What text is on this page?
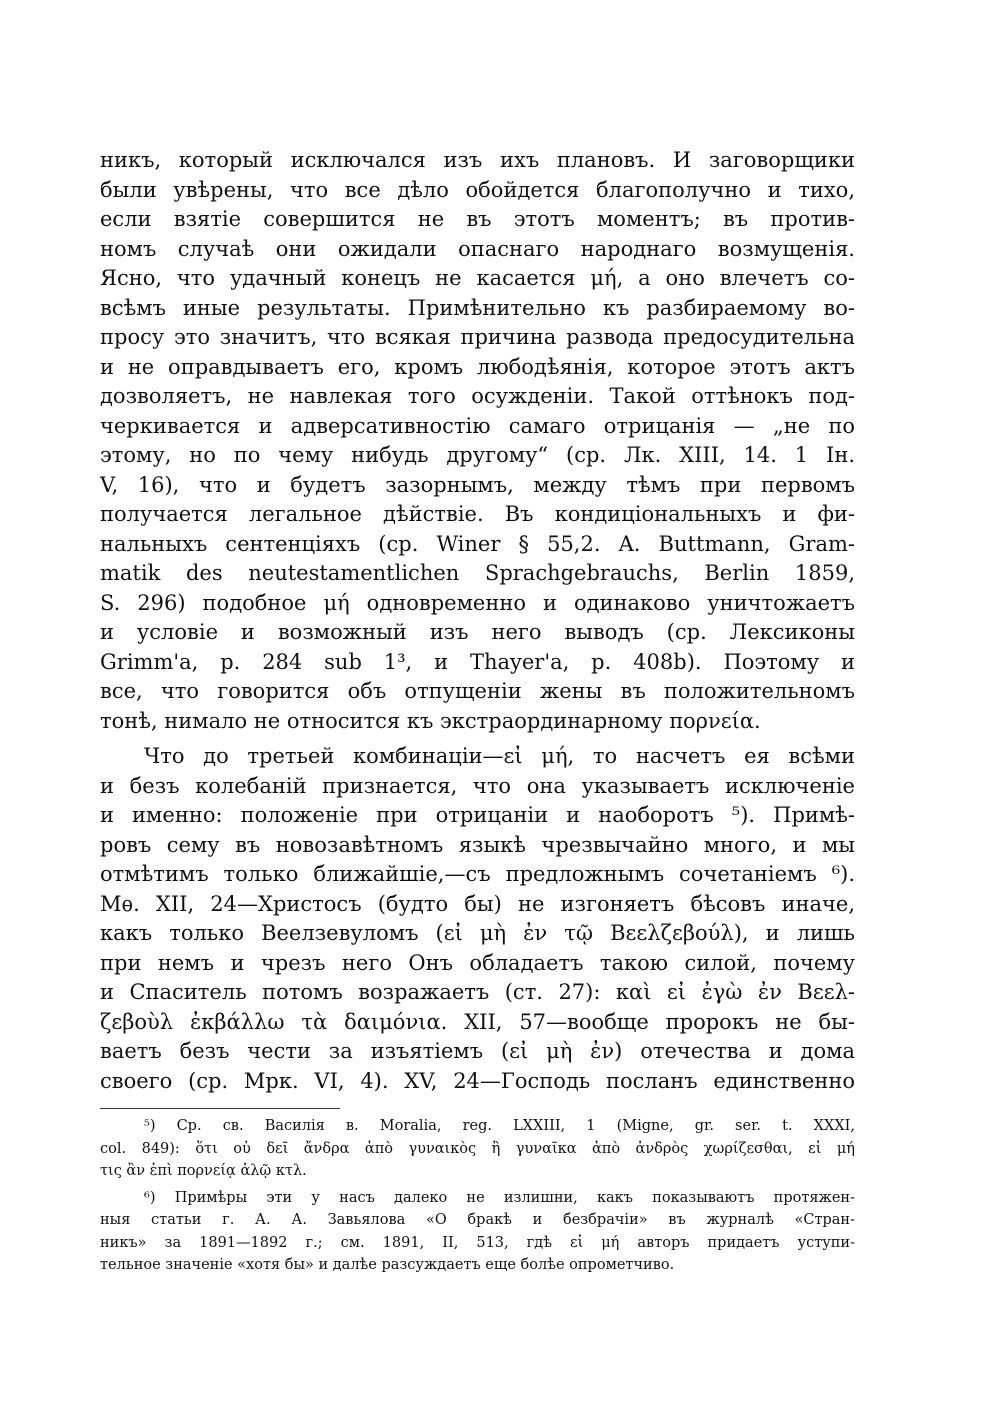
никъ, который исключался изъ ихъ плановъ. И заговорщики
были увѣрены, что все дѣло обойдется благополучно и тихо,
если взятіе совершится не въ этотъ моментъ; въ против-
номъ случаѣ они ожидали опаснаго народнаго возмущенія.
Ясно, что удачный конецъ не касается μή, а оно влечетъ со-
всѣмъ иные результаты. Примѣнительно къ разбираемому во-
просу это значитъ, что всякая причина развода предосудительна
и не оправдываетъ его, кромъ любодѣянія, которое этотъ актъ
дозволяетъ, не навлекая того осужденіи. Такой оттѣнокъ под-
черкивается и адверсативностію самаго отрицанія — „не по
этому, но по чему нибудь другому“ (ср. Лк. XIII, 14. 1 Ін.
V, 16), что и будетъ зазорнымъ, между тѣмъ при первомъ
получается легальное дѣйствіе. Въ кондиціональныхъ и фи-
нальныхъ сентенціяхъ (ср. Winer § 55,2. A. Buttmann, Gram-
matik des neutestamentlichen Sprachgebrauchs, Berlin 1859,
S. 296) подобное μή одновременно и одинаково уничтожаетъ
и условіе и возможный изъ него выводъ (ср. Лексиконы
Grimm'a, p. 284 sub 1³, и Thayer'a, p. 408b). Поэтому и
все, что говорится объ отпущеніи жены въ положительномъ
тонѣ, нимало не относится къ экстраординарному πορνεία.
Что до третьей комбинаціи—εἰ μή, то насчетъ ея всѣми
и безъ колебаній признается, что она указываетъ исключеніе
и именно: положеніе при отрицаніи и наоборотъ ⁵). Примѣ-
ровъ сему въ новозавѣтномъ языкѣ чрезвычайно много, и мы
отмѣтимъ только ближайшіе,—съ предложнымъ сочетаніемъ ⁶).
Мѳ. XII, 24—Христосъ (будто бы) не изгоняетъ бѣсовъ иначе,
какъ только Веелзевуломъ (εἰ μὴ ἐν τῷ Βεελζεβούλ), и лишь
при немъ и чрезъ него Онъ обладаетъ такою силой, почему
и Спаситель потомъ возражаетъ (ст. 27): καὶ εἰ ἐγὼ ἐν Βεελ-
ζεβοὺλ ἐκβάλλω τὰ δαιμόνια. XII, 57—вообще пророкъ не бы-
ваетъ безъ чести за изъятіемъ (εἰ μὴ ἐν) отечества и дома
своего (ср. Мрк. VI, 4). XV, 24—Господь посланъ единственно
⁵) Ср. св. Василія в. Moralia, reg. LXXIII, 1 (Migne, gr. ser. t. XXXI,
col. 849): ὅτι οὐ δεῖ ἄνδρα ἀπὸ γυναικὸς ἢ γυναῖκα ἀπὸ ἀνδρὸς χωρίζεσθαι, εἰ μή
τις ἂν ἐπὶ πορνείᾳ ἁλῷ κτλ.
⁶) Примѣры эти у насъ далеко не излишни, какъ показываютъ протяжен-
ныя статьи г. А. А. Завьялова «О бракѣ и безбрачіи» въ журналѣ «Стран-
никъ» за 1891—1892 г.; см. 1891, II, 513, гдѣ εἰ μή авторъ придаетъ уступи-
тельное значеніе «хотя бы» и далѣе разсуждаетъ еще болѣе опрометчиво.
